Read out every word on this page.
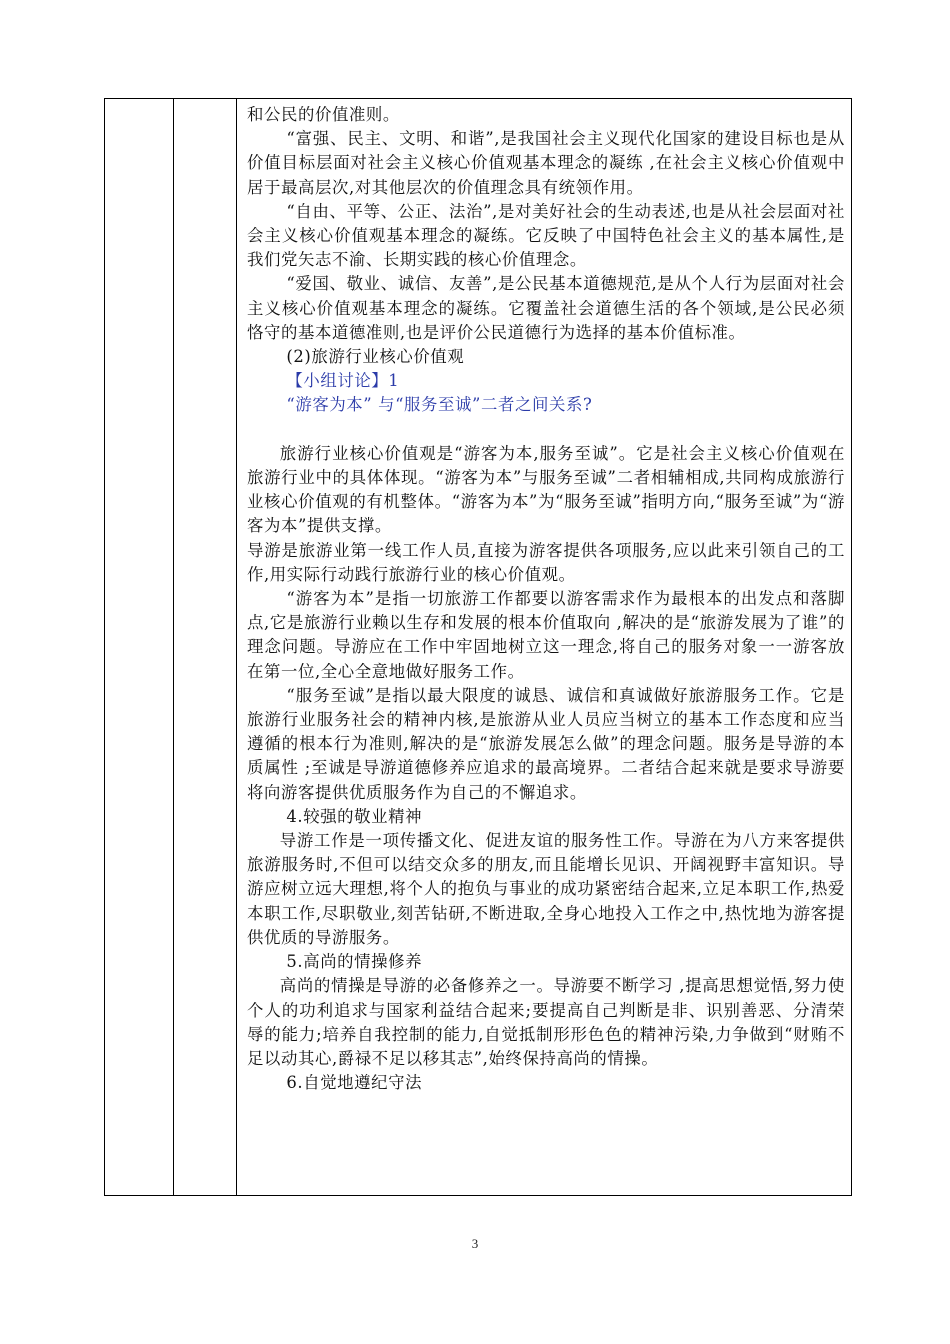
和公民的价值准则。

“富强、民主、文明、和谐”,是我国社会主义现代化国家的建设目标也是从价值目标层面对社会主义核心价值观基本理念的凝练 ,在社会主义核心价值观中居于最高层次,对其他层次的价值理念具有统领作用。

“自由、平等、公正、法治”,是对美好社会的生动表述,也是从社会层面对社会主义核心价值观基本理念的凝练。它反映了中国特色社会主义的基本属性,是我们党矢志不渝、长期实践的核心价值理念。

“爱国、敬业、诚信、友善”,是公民基本道德规范,是从个人行为层面对社会主义核心价值观基本理念的凝练。它覆盖社会道德生活的各个领域,是公民必须恪守的基本道德准则,也是评价公民道德行为选择的基本价值标准。

(2)旅游行业核心价值观

【小组讨论】1

“游客为本” 与“服务至诚”二者之间关系?

旅游行业核心价值观是“游客为本,服务至诚”。它是社会主义核心价值观在旅游行业中的具体体现。“游客为本”与服务至诚”二者相辅相成,共同构成旅游行业核心价值观的有机整体。“游客为本”为“服务至诚”指明方向,“服务至诚”为“游客为本”提供支撑。

导游是旅游业第一线工作人员,直接为游客提供各项服务,应以此来引领自己的工作,用实际行动践行旅游行业的核心价值观。

“游客为本”是指一切旅游工作都要以游客需求作为最根本的出发点和落脚点,它是旅游行业赖以生存和发展的根本价值取向 ,解决的是“旅游发展为了谁”的理念问题。导游应在工作中牢固地树立这一理念,将自己的服务对象一一游客放在第一位,全心全意地做好服务工作。

“服务至诚”是指以最大限度的诚恳、诚信和真诚做好旅游服务工作。它是旅游行业服务社会的精神内核,是旅游从业人员应当树立的基本工作态度和应当遵循的根本行为准则,解决的是“旅游发展怎么做”的理念问题。服务是导游的本质属性 ;至诚是导游道德修养应追求的最高境界。二者结合起来就是要求导游要将向游客提供优质服务作为自己的不懈追求。

4.较强的敬业精神

导游工作是一项传播文化、促进友谊的服务性工作。导游在为八方来客提供旅游服务时,不但可以结交众多的朋友,而且能增长见识、开阔视野丰富知识。导游应树立远大理想,将个人的抱负与事业的成功紧密结合起来,立足本职工作,热爱本职工作,尽职敬业,刻苦钻研,不断进取,全身心地投入工作之中,热忱地为游客提供优质的导游服务。

5.高尚的情操修养

高尚的情操是导游的必备修养之一。导游要不断学习 ,提高思想觉悟,努力使个人的功利追求与国家利益结合起来;要提高自己判断是非、识别善恶、分清荣辱的能力;培养自我控制的能力,自觉抵制形形色色的精神污染,力争做到“财贿不足以动其心,爵禄不足以移其志”,始终保持高尚的情操。

6.自觉地遵纪守法

3
